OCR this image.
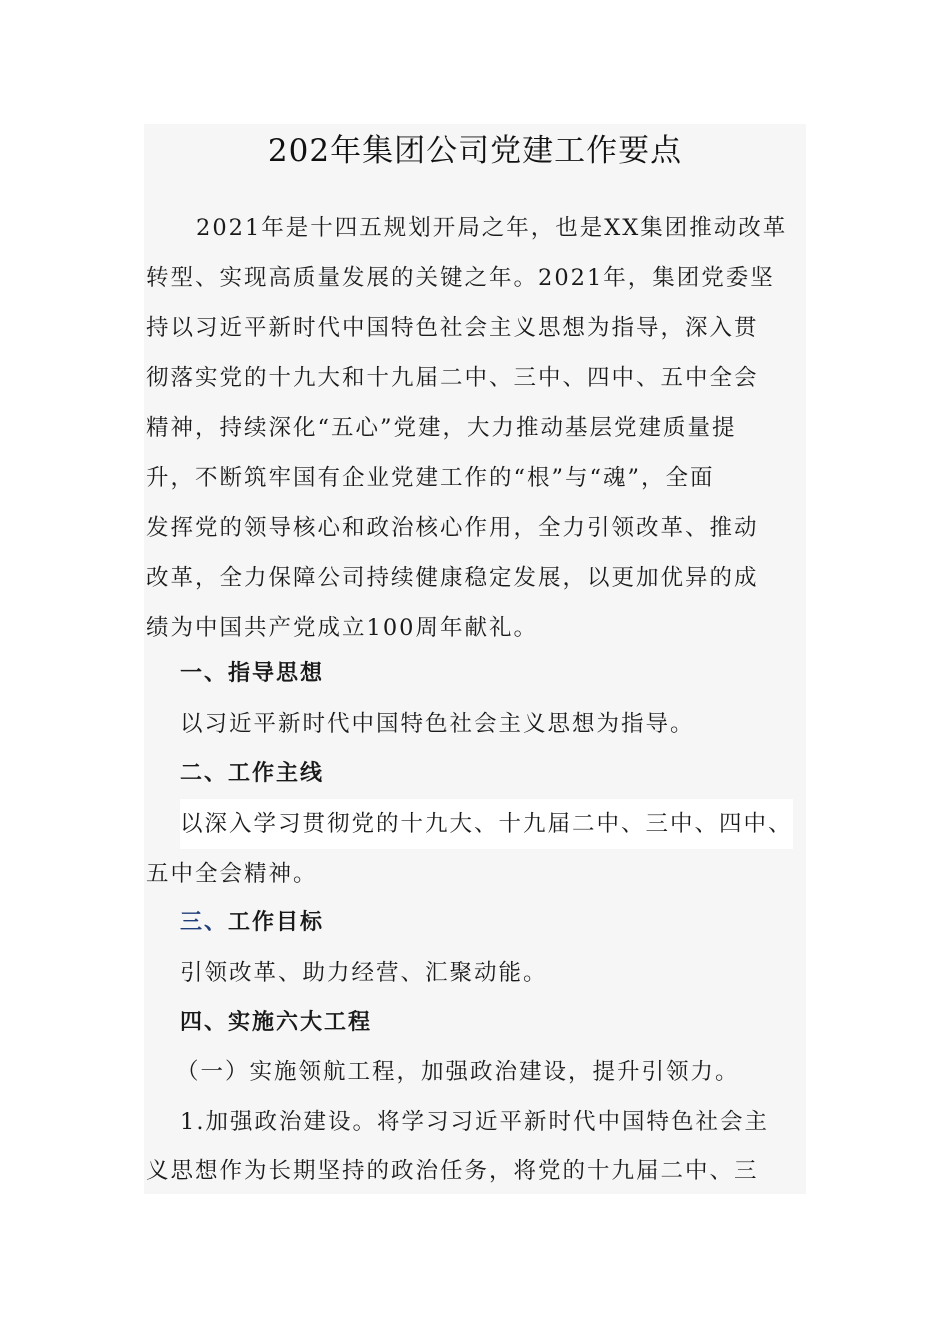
202年集团公司党建工作要点
2021年是十四五规划开局之年，也是XX集团推动改革
转型、实现高质量发展的关键之年。2021年，集团党委坚
持以习近平新时代中国特色社会主义思想为指导，深入贯
彻落实党的十九大和十九届二中、三中、四中、五中全会
精神，持续深化“五心”党建，大力推动基层党建质量提
升，不断筑牢国有企业党建工作的“根”与“魂”，全面
发挥党的领导核心和政治核心作用，全力引领改革、推动
改革，全力保障公司持续健康稳定发展，以更加优异的成
绩为中国共产党成立100周年献礼。
一、指导思想
以习近平新时代中国特色社会主义思想为指导。
二、工作主线
以深入学习贯彻党的十九大、十九届二中、三中、四中、
五中全会精神。
三、工作目标
引领改革、助力经营、汇聚动能。
四、实施六大工程
（一）实施领航工程，加强政治建设，提升引领力。
1.加强政治建设。将学习习近平新时代中国特色社会主
义思想作为长期坚持的政治任务，将党的十九届二中、三
